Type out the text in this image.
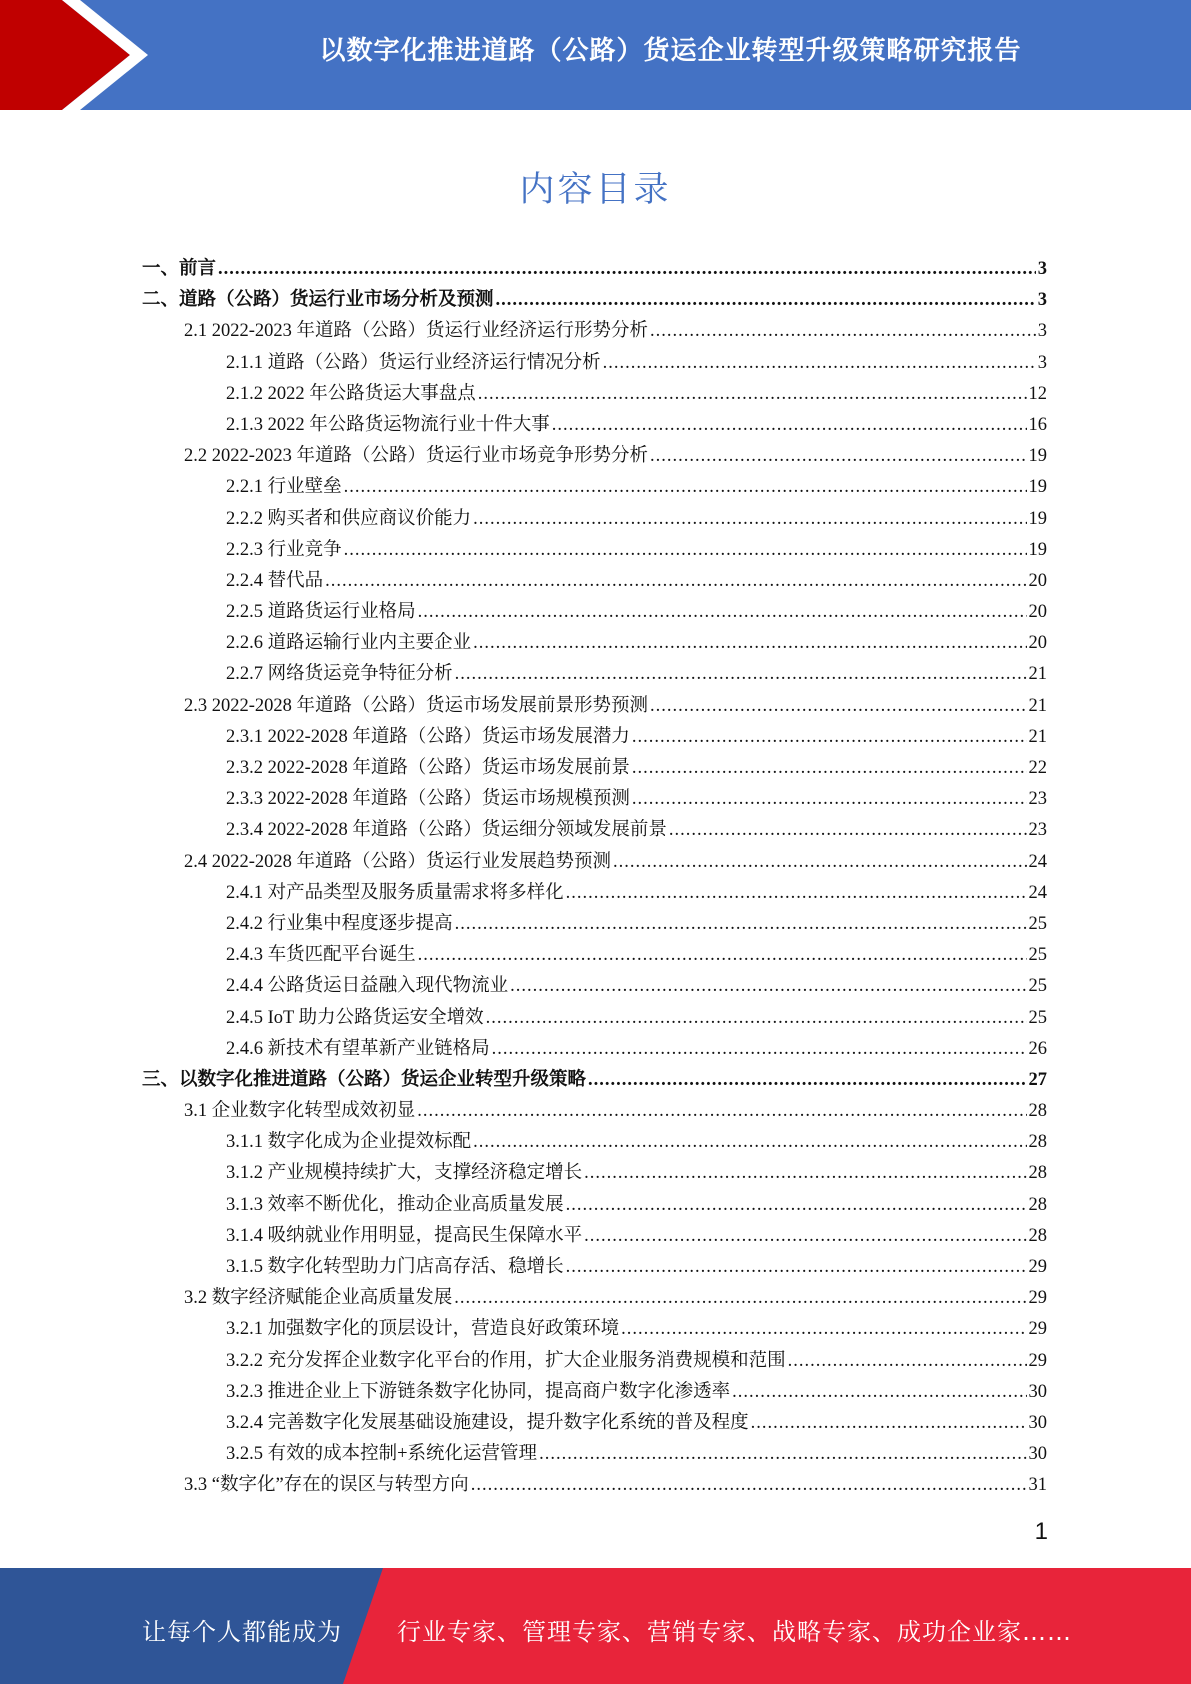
以数字化推进道路（公路）货运企业转型升级策略研究报告
内容目录
一、前言 .....	3
二、道路（公路）货运行业市场分析及预测 .....	3
2.1 2022-2023 年道路（公路）货运行业经济运行形势分析 .....	3
2.1.1 道路（公路）货运行业经济运行情况分析 .....	3
2.1.2 2022 年公路货运大事盘点 .....	12
2.1.3 2022 年公路货运物流行业十件大事 .....	16
2.2 2022-2023 年道路（公路）货运行业市场竞争形势分析 .....	19
2.2.1 行业壁垒 .....	19
2.2.2 购买者和供应商议价能力 .....	19
2.2.3 行业竞争 .....	19
2.2.4 替代品 .....	20
2.2.5 道路货运行业格局 .....	20
2.2.6 道路运输行业内主要企业 .....	20
2.2.7 网络货运竞争特征分析 .....	21
2.3 2022-2028 年道路（公路）货运市场发展前景形势预测 .....	21
2.3.1 2022-2028 年道路（公路）货运市场发展潜力 .....	21
2.3.2 2022-2028 年道路（公路）货运市场发展前景 .....	22
2.3.3 2022-2028 年道路（公路）货运市场规模预测 .....	23
2.3.4 2022-2028 年道路（公路）货运细分领域发展前景 .....	23
2.4 2022-2028 年道路（公路）货运行业发展趋势预测 .....	24
2.4.1 对产品类型及服务质量需求将多样化 .....	24
2.4.2 行业集中程度逐步提高 .....	25
2.4.3 车货匹配平台诞生 .....	25
2.4.4 公路货运日益融入现代物流业 .....	25
2.4.5 IoT 助力公路货运安全增效 .....	25
2.4.6 新技术有望革新产业链格局 .....	26
三、以数字化推进道路（公路）货运企业转型升级策略 .....	27
3.1 企业数字化转型成效初显 .....	28
3.1.1 数字化成为企业提效标配 .....	28
3.1.2 产业规模持续扩大，支撑经济稳定增长 .....	28
3.1.3 效率不断优化，推动企业高质量发展 .....	28
3.1.4 吸纳就业作用明显，提高民生保障水平 .....	28
3.1.5 数字化转型助力门店高存活、稳增长 .....	29
3.2 数字经济赋能企业高质量发展 .....	29
3.2.1 加强数字化的顶层设计，营造良好政策环境 .....	29
3.2.2 充分发挥企业数字化平台的作用，扩大企业服务消费规模和范围 .....	29
3.2.3 推进企业上下游链条数字化协同，提高商户数字化渗透率 .....	30
3.2.4 完善数字化发展基础设施建设，提升数字化系统的普及程度 .....	30
3.2.5 有效的成本控制+系统化运营管理 .....	30
3.3 “数字化”存在的误区与转型方向 .....	31
1
让每个人都能成为 行业专家、管理专家、营销专家、战略专家、成功企业家……
